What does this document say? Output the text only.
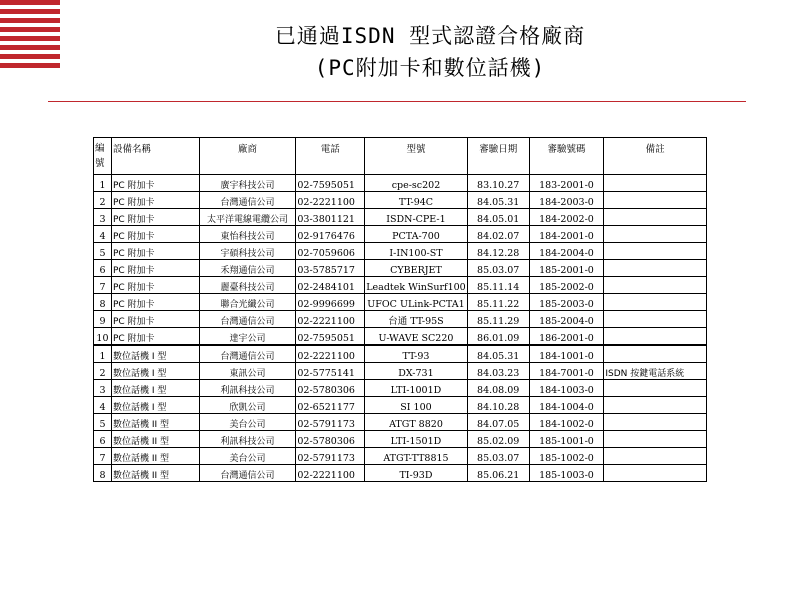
已通過ISDN 型式認證合格廠商
(PC附加卡和數位話機)
編號
設備名稱	廠商	電話	型號	審驗日期	審驗號碼	備註
1 PC 附加卡	廣宇科技公司	02-7595051	cpe-sc202	83.10.27	183-2001-0
2 PC 附加卡	台灣通信公司	02-2221100	TT-94C	84.05.31	184-2003-0
3 PC 附加卡	太平洋電線電纜公司 03-3801121	ISDN-CPE-1	84.05.01	184-2002-0
4 PC 附加卡	東怡科技公司	02-9176476	PCTA-700	84.02.07	184-2001-0
5 PC 附加卡	宇碩科技公司	02-7059606	I-IN100-ST	84.12.28	184-2004-0
6 PC 附加卡	禾翔通信公司	03-5785717	CYBERJET	85.03.07	185-2001-0
7 PC 附加卡	麗臺科技公司	02-2484101	Leadtek WinSurf100	85.11.14	185-2002-0
8 PC 附加卡	聯合光纖公司	02-9996699	UFOC ULink-PCTA1	85.11.22	185-2003-0
9 PC 附加卡	台灣通信公司	02-2221100	台通 TT-95S	85.11.29	185-2004-0
10 PC 附加卡	達宇公司	02-7595051	U-WAVE SC220	86.01.09	186-2001-0
1 數位話機 I 型	台灣通信公司	02-2221100	TT-93	84.05.31	184-1001-0
2 數位話機 I 型	東訊公司	02-5775141	DX-731	84.03.23	184-7001-0	ISDN 按鍵電話系統
3 數位話機 I 型	利訊科技公司	02-5780306	LTI-1001D	84.08.09	184-1003-0
4 數位話機 I 型	欣凱公司	02-6521177	SI 100	84.10.28	184-1004-0
5 數位話機 II 型	美台公司	02-5791173	ATGT 8820	84.07.05	184-1002-0
6 數位話機 II 型	利訊科技公司	02-5780306	LTI-1501D	85.02.09	185-1001-0
7 數位話機 II 型	美台公司	02-5791173	ATGT-TT8815	85.03.07	185-1002-0
8 數位話機 II 型	台灣通信公司	02-2221100	TI-93D	85.06.21	185-1003-0
